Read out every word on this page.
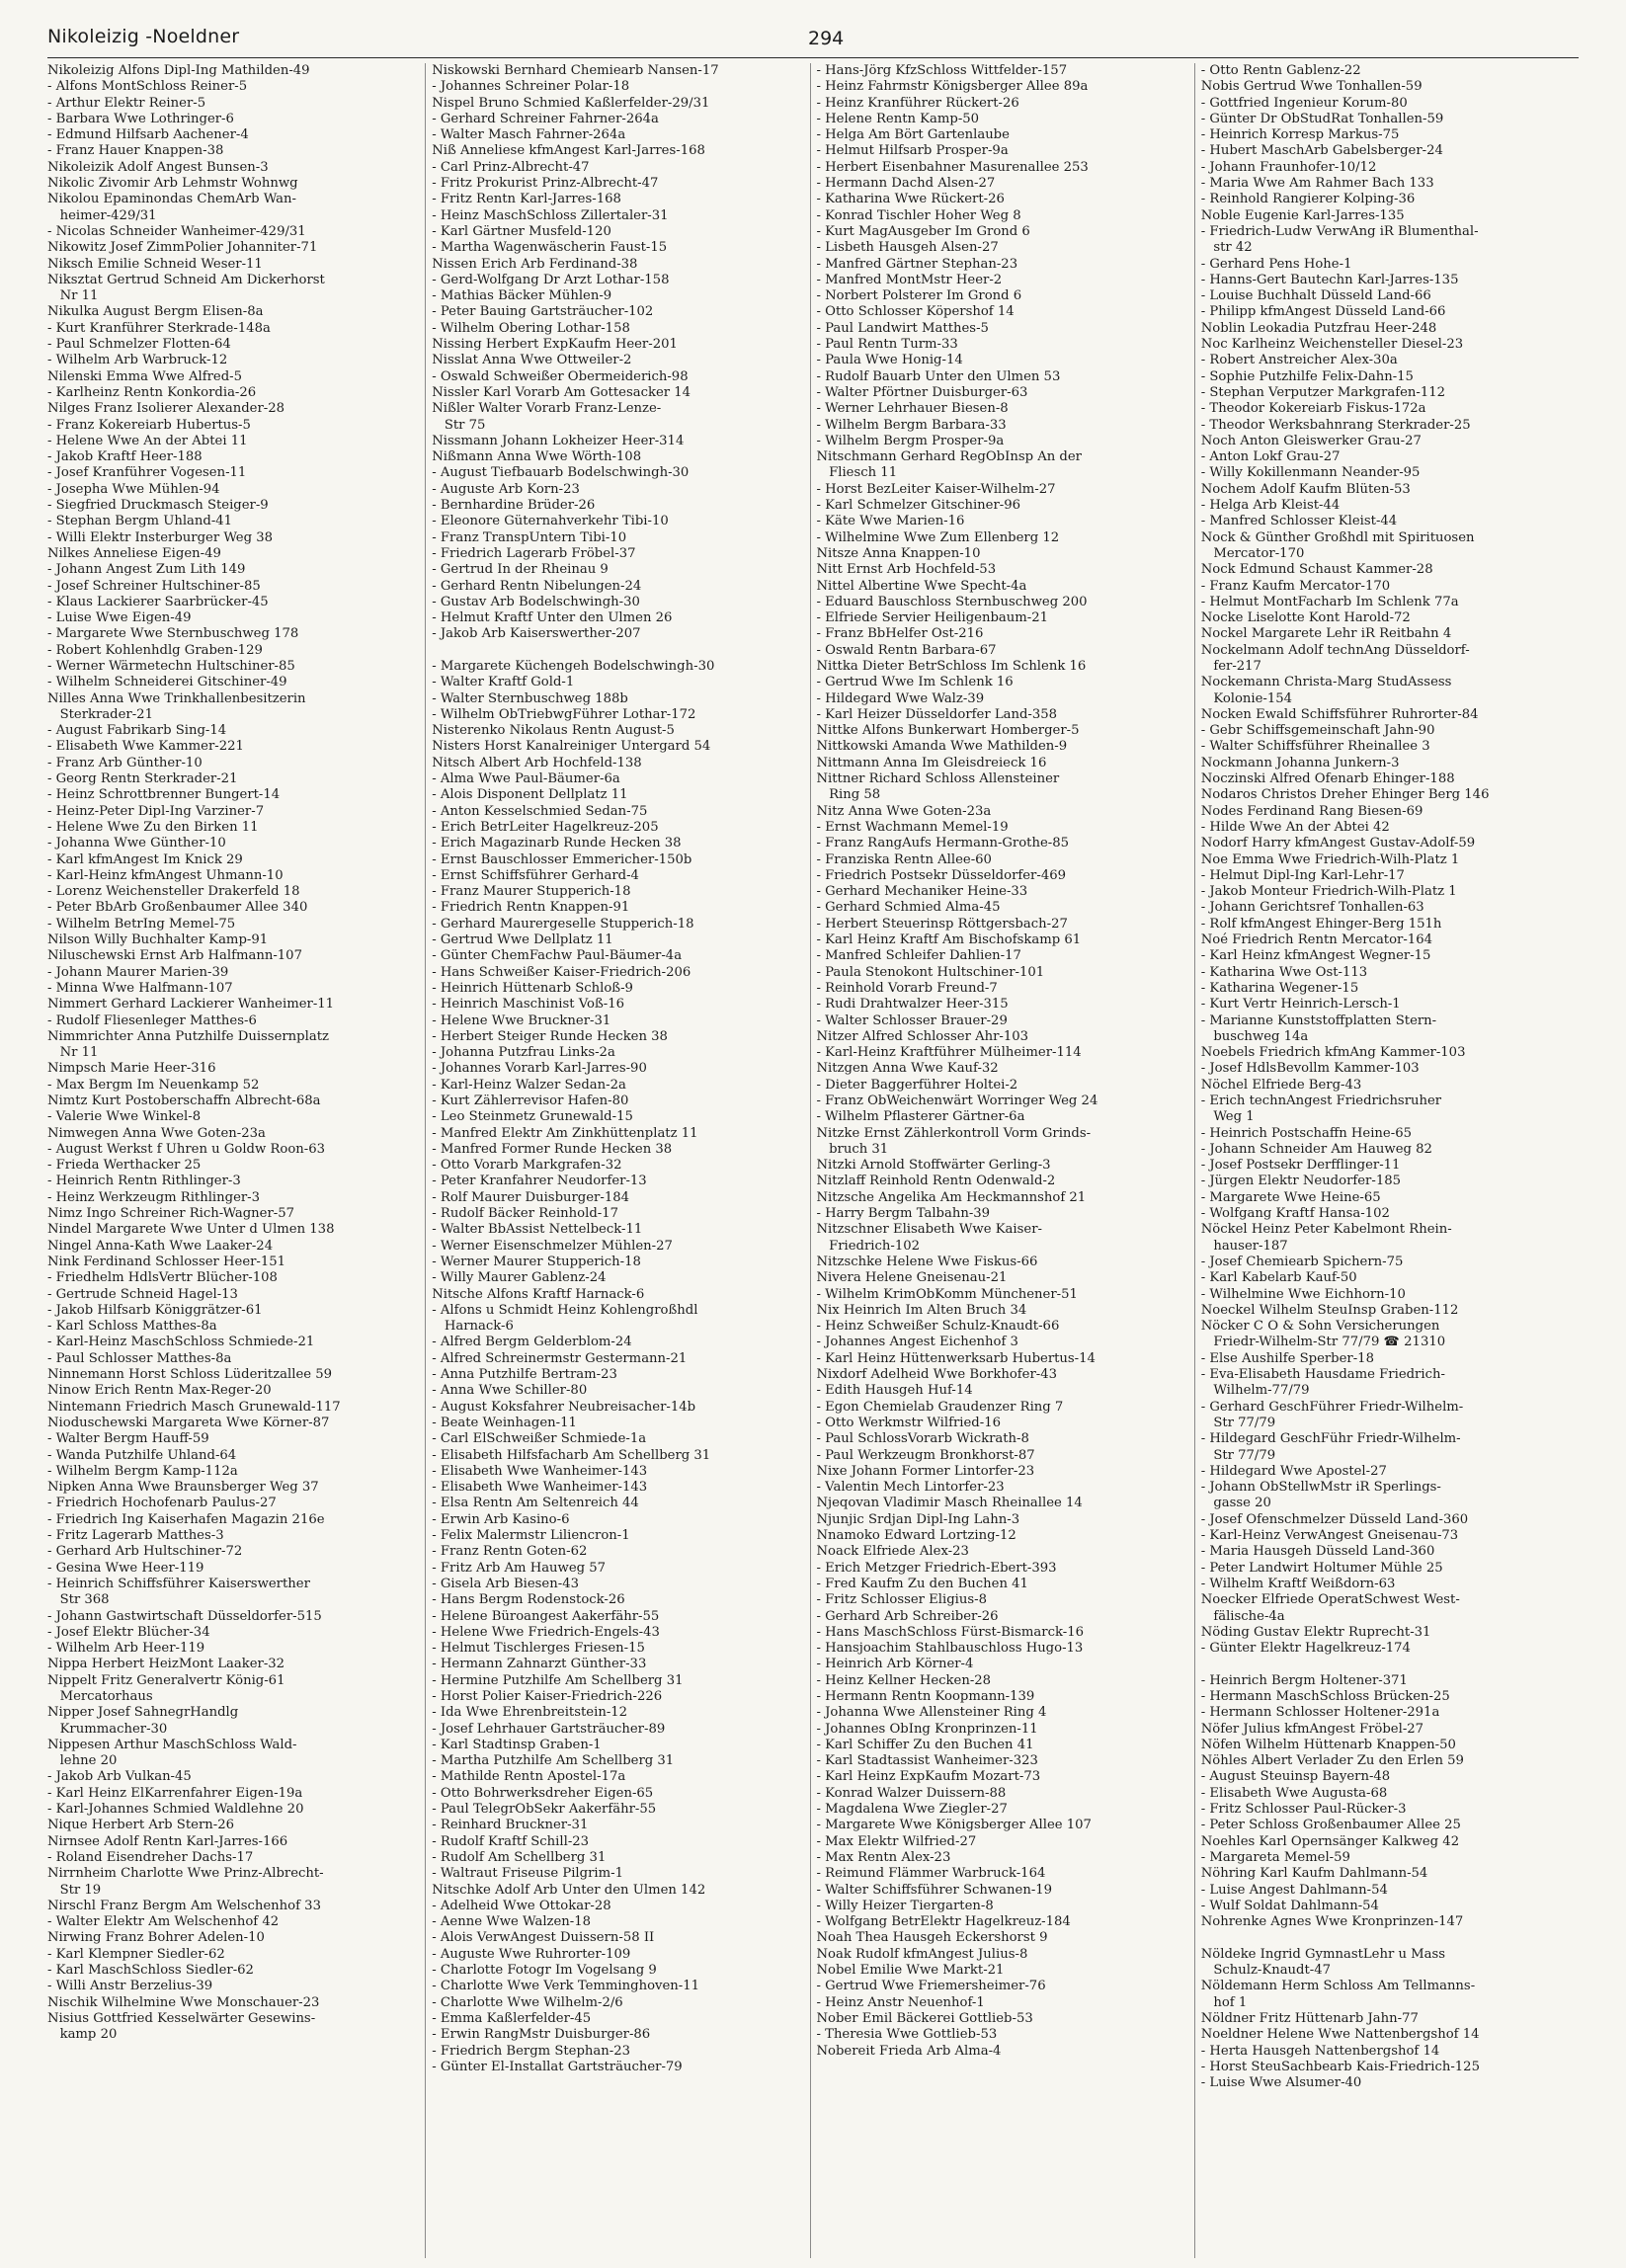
Nikoleizig -Noeldner	294
Nikoleizig Alfons Dipl-Ing Mathilden-49
- Alfons MontSchloss Reiner-5
- Arthur Elektr Reiner-5
- Barbara Wwe Lothringer-6
- Edmund Hilfsarb Aachener-4
- Franz Hauer Knappen-38
Nikoleizik Adolf Angest Bunsen-3
Nikolic Zivomir Arb Lehmstr Wohnwg
Nikolou Epaminondas ChemArb Wan-
heimer-429/31
- Nicolas Schneider Wanheimer-429/31
Nikowitz Josef ZimmPolier Johanniter-71
Niksch Emilie Schneid Weser-11
Niksztat Gertrud Schneid Am Dickerhorst
Nr 11
Nikulka August Bergm Elisen-8a
- Kurt Kranführer Sterkrade-148a
- Paul Schmelzer Flotten-64
- Wilhelm Arb Warbruck-12
Nilenski Emma Wwe Alfred-5
- Karlheinz Rentn Konkordia-26
Nilges Franz Isolierer Alexander-28
- Franz Kokereiarb Hubertus-5
- Helene Wwe An der Abtei 11
- Jakob Kraftf Heer-188
- Josef Kranführer Vogesen-11
- Josepha Wwe Mühlen-94
- Siegfried Druckmasch Steiger-9
- Stephan Bergm Uhland-41
- Willi Elektr Insterburger Weg 38
Nilkes Anneliese Eigen-49
- Johann Angest Zum Lith 149
- Josef Schreiner Hultschiner-85
- Klaus Lackierer Saarbrücker-45
- Luise Wwe Eigen-49
- Margarete Wwe Sternbuschweg 178
- Robert Kohlenhdlg Graben-129
- Werner Wärmetechn Hultschiner-85
- Wilhelm Schneiderei Gitschiner-49
Nilles Anna Wwe Trinkhallenbesitzerin
Sterkrader-21
- August Fabrikarb Sing-14
- Elisabeth Wwe Kammer-221
- Franz Arb Günther-10
- Georg Rentn Sterkrader-21
- Heinz Schrottbrenner Bungert-14
- Heinz-Peter Dipl-Ing Varziner-7
- Helene Wwe Zu den Birken 11
- Johanna Wwe Günther-10
- Karl kfmAngest Im Knick 29
- Karl-Heinz kfmAngest Uhmann-10
- Lorenz Weichensteller Drakerfeld 18
- Peter BbArb Großenbaumer Allee 340
- Wilhelm BetrIng Memel-75
Nilson Willy Buchhalter Kamp-91
Niluschewski Ernst Arb Halfmann-107
- Johann Maurer Marien-39
- Minna Wwe Halfmann-107
Nimmert Gerhard Lackierer Wanheimer-11
- Rudolf Fliesenleger Matthes-6
Nimmrichter Anna Putzhilfe Duissernplatz
Nr 11
Nimpsch Marie Heer-316
- Max Bergm Im Neuenkamp 52
Nimtz Kurt Postoberschaffn Albrecht-68a
- Valerie Wwe Winkel-8
Nimwegen Anna Wwe Goten-23a
- August Werkst f Uhren u Goldw Roon-63
- Frieda Werthacker 25
- Heinrich Rentn Rithlinger-3
- Heinz Werkzeugm Rithlinger-3
Nimz Ingo Schreiner Rich-Wagner-57
Nindel Margarete Wwe Unter d Ulmen 138
Ningel Anna-Kath Wwe Laaker-24
Nink Ferdinand Schlosser Heer-151
- Friedhelm HdlsVertr Blücher-108
- Gertrude Schneid Hagel-13
- Jakob Hilfsarb Königgrätzer-61
- Karl Schloss Matthes-8a
- Karl-Heinz MaschSchloss Schmiede-21
- Paul Schlosser Matthes-8a
Ninnemann Horst Schloss Lüderitzallee 59
Ninow Erich Rentn Max-Reger-20
Nintemann Friedrich Masch Grunewald-117
Nioduschewski Margareta Wwe Körner-87
- Walter Bergm Hauff-59
- Wanda Putzhilfe Uhland-64
- Wilhelm Bergm Kamp-112a
Nipken Anna Wwe Braunsberger Weg 37
- Friedrich Hochofenarb Paulus-27
- Friedrich Ing Kaiserhafen Magazin 216e
- Fritz Lagerarb Matthes-3
- Gerhard Arb Hultschiner-72
- Gesina Wwe Heer-119
- Heinrich Schiffsführer Kaiserswerther
Str 368
- Johann Gastwirtschaft Düsseldorfer-515
- Josef Elektr Blücher-34
- Wilhelm Arb Heer-119
Nippa Herbert HeizMont Laaker-32
Nippelt Fritz Generalvertr König-61
Mercatorhaus
Nipper Josef SahnegrHandlg
Krummacher-30
Nippesen Arthur MaschSchloss Wald-
lehne 20
- Jakob Arb Vulkan-45
- Karl Heinz ElKarrenfahrer Eigen-19a
- Karl-Johannes Schmied Waldlehne 20
Nique Herbert Arb Stern-26
Nirnsee Adolf Rentn Karl-Jarres-166
- Roland Eisendreher Dachs-17
Nirrnheim Charlotte Wwe Prinz-Albrecht-
Str 19
Nirschl Franz Bergm Am Welschenhof 33
- Walter Elektr Am Welschenhof 42
Nirwing Franz Bohrer Adelen-10
- Karl Klempner Siedler-62
- Karl MaschSchloss Siedler-62
- Willi Anstr Berzelius-39
Nischik Wilhelmine Wwe Monschauer-23
Nisius Gottfried Kesselwärter Gesewins-
kamp 20
Niskowski Bernhard Chemiearb Nansen-17
- Johannes Schreiner Polar-18
Nispel Bruno Schmied Kaßlerfelder-29/31
- Gerhard Schreiner Fahrner-264a
- Walter Masch Fahrner-264a
Niß Anneliese kfmAngest Karl-Jarres-168
- Carl Prinz-Albrecht-47
- Fritz Prokurist Prinz-Albrecht-47
- Fritz Rentn Karl-Jarres-168
- Heinz MaschSchloss Zillertaler-31
- Karl Gärtner Musfeld-120
- Martha Wagenwäscherin Faust-15
Nissen Erich Arb Ferdinand-38
- Gerd-Wolfgang Dr Arzt Lothar-158
- Mathias Bäcker Mühlen-9
- Peter Bauing Gartsträucher-102
- Wilhelm Obering Lothar-158
Nissing Herbert ExpKaufm Heer-201
Nisslat Anna Wwe Ottweiler-2
- Oswald Schweißer Obermeiderich-98
Nissler Karl Vorarb Am Gottesacker 14
Nißler Walter Vorarb Franz-Lenze-
Str 75
Nissmann Johann Lokheizer Heer-314
Nißmann Anna Wwe Wörth-108
- August Tiefbauarb Bodelschwingh-30
- Auguste Arb Korn-23
- Bernhardine Brüder-26
- Eleonore Güternahverkehr Tibi-10
- Franz TranspUntern Tibi-10
- Friedrich Lagerarb Fröbel-37
- Gertrud In der Rheinau 9
- Gerhard Rentn Nibelungen-24
- Gustav Arb Bodelschwingh-30
- Helmut Kraftf Unter den Ulmen 26
- Jakob Arb Kaiserswerther-207

- Margarete Küchengeh Bodelschwingh-30
- Walter Kraftf Gold-1
- Walter Sternbuschweg 188b
- Wilhelm ObTriebwgFührer Lothar-172
Nisterenko Nikolaus Rentn August-5
Nisters Horst Kanalreiniger Untergard 54
Nitsch Albert Arb Hochfeld-138
- Alma Wwe Paul-Bäumer-6a
- Alois Disponent Dellplatz 11
- Anton Kesselschmied Sedan-75
- Erich BetrLeiter Hagelkreuz-205
- Erich Magazinarb Runde Hecken 38
- Ernst Bauschlosser Emmericher-150b
- Ernst Schiffsführer Gerhard-4
- Franz Maurer Stupperich-18
- Friedrich Rentn Knappen-91
- Gerhard Maurergeselle Stupperich-18
- Gertrud Wwe Dellplatz 11
- Günter ChemFachw Paul-Bäumer-4a
- Hans Schweißer Kaiser-Friedrich-206
- Heinrich Hüttenarb Schloß-9
- Heinrich Maschinist Voß-16
- Helene Wwe Bruckner-31
- Herbert Steiger Runde Hecken 38
- Johanna Putzfrau Links-2a
- Johannes Vorarb Karl-Jarres-90
- Karl-Heinz Walzer Sedan-2a
- Kurt Zählerrevisor Hafen-80
- Leo Steinmetz Grunewald-15
- Manfred Elektr Am Zinkhüttenplatz 11
- Manfred Former Runde Hecken 38
- Otto Vorarb Markgrafen-32
- Peter Kranfahrer Neudorfer-13
- Rolf Maurer Duisburger-184
- Rudolf Bäcker Reinhold-17
- Walter BbAssist Nettelbeck-11
- Werner Eisenschmelzer Mühlen-27
- Werner Maurer Stupperich-18
- Willy Maurer Gablenz-24
Nitsche Alfons Kraftf Harnack-6
- Alfons u Schmidt Heinz Kohlengroßhdl
Harnack-6
- Alfred Bergm Gelderblom-24
- Alfred Schreinermstr Gestermann-21
- Anna Putzhilfe Bertram-23
- Anna Wwe Schiller-80
- August Koksfahrer Neubreisacher-14b
- Beate Weinhagen-11
- Carl ElSchweißer Schmiede-1a
- Elisabeth Hilfsfacharb Am Schellberg 31
- Elisabeth Wwe Wanheimer-143
- Elisabeth Wwe Wanheimer-143
- Elsa Rentn Am Seltenreich 44
- Erwin Arb Kasino-6
- Felix Malermstr Liliencron-1
- Franz Rentn Goten-62
- Fritz Arb Am Hauweg 57
- Gisela Arb Biesen-43
- Hans Bergm Rodenstock-26
- Helene Büroangest Aakerfähr-55
- Helene Wwe Friedrich-Engels-43
- Helmut Tischlerges Friesen-15
- Hermann Zahnarzt Günther-33
- Hermine Putzhilfe Am Schellberg 31
- Horst Polier Kaiser-Friedrich-226
- Ida Wwe Ehrenbreitstein-12
- Josef Lehrhauer Gartsträucher-89
- Karl Stadtinsp Graben-1
- Martha Putzhilfe Am Schellberg 31
- Mathilde Rentn Apostel-17a
- Otto Bohrwerksdreher Eigen-65
- Paul TelegrObSekr Aakerfähr-55
- Reinhard Bruckner-31
- Rudolf Kraftf Schill-23
- Rudolf Am Schellberg 31
- Waltraut Friseuse Pilgrim-1
Nitschke Adolf Arb Unter den Ulmen 142
- Adelheid Wwe Ottokar-28
- Aenne Wwe Walzen-18
- Alois VerwAngest Duissern-58 II
- Auguste Wwe Ruhrorter-109
- Charlotte Fotogr Im Vogelsang 9
- Charlotte Wwe Verk Temminghoven-11
- Charlotte Wwe Wilhelm-2/6
- Emma Kaßlerfelder-45
- Erwin RangMstr Duisburger-86
- Friedrich Bergm Stephan-23
- Günter El-Installat Gartsträucher-79
- Hans-Jörg KfzSchloss Wittfelder-157
- Heinz Fahrmstr Königsberger Allee 89a
- Heinz Kranführer Rückert-26
- Helene Rentn Kamp-50
- Helga Am Bört Gartenlaube
- Helmut Hilfsarb Prosper-9a
- Herbert Eisenbahner Masurenallee 253
- Hermann Dachd Alsen-27
- Katharina Wwe Rückert-26
- Konrad Tischler Hoher Weg 8
- Kurt MagAusgeber Im Grond 6
- Lisbeth Hausgeh Alsen-27
- Manfred Gärtner Stephan-23
- Manfred MontMstr Heer-2
- Norbert Polsterer Im Grond 6
- Otto Schlosser Köpershof 14
- Paul Landwirt Matthes-5
- Paul Rentn Turm-33
- Paula Wwe Honig-14
- Rudolf Bauarb Unter den Ulmen 53
- Walter Pförtner Duisburger-63
- Werner Lehrhauer Biesen-8
- Wilhelm Bergm Barbara-33
- Wilhelm Bergm Prosper-9a
Nitschmann Gerhard RegObInsp An der
Fliesch 11
- Horst BezLeiter Kaiser-Wilhelm-27
- Karl Schmelzer Gitschiner-96
- Käte Wwe Marien-16
- Wilhelmine Wwe Zum Ellenberg 12
Nitsze Anna Knappen-10
Nitt Ernst Arb Hochfeld-53
Nittel Albertine Wwe Specht-4a
- Eduard Bauschloss Sternbuschweg 200
- Elfriede Servier Heiligenbaum-21
- Franz BbHelfer Ost-216
- Oswald Rentn Barbara-67
Nittka Dieter BetrSchloss Im Schlenk 16
- Gertrud Wwe Im Schlenk 16
- Hildegard Wwe Walz-39
- Karl Heizer Düsseldorfer Land-358
Nittke Alfons Bunkerwart Homberger-5
Nittkowski Amanda Wwe Mathilden-9
Nittmann Anna Im Gleisdreieck 16
Nittner Richard Schloss Allensteiner
Ring 58
Nitz Anna Wwe Goten-23a
- Ernst Wachmann Memel-19
- Franz RangAufs Hermann-Grothe-85
- Franziska Rentn Allee-60
- Friedrich Postsekr Düsseldorfer-469
- Gerhard Mechaniker Heine-33
- Gerhard Schmied Alma-45
- Herbert Steuerinsp Röttgersbach-27
- Karl Heinz Kraftf Am Bischofskamp 61
- Manfred Schleifer Dahlien-17
- Paula Stenokont Hultschiner-101
- Reinhold Vorarb Freund-7
- Rudi Drahtwalzer Heer-315
- Walter Schlosser Brauer-29
Nitzer Alfred Schlosser Ahr-103
- Karl-Heinz Kraftführer Mülheimer-114
Nitzgen Anna Wwe Kauf-32
- Dieter Baggerführer Holtei-2
- Franz ObWeichenwärt Worringer Weg 24
- Wilhelm Pflasterer Gärtner-6a
Nitzke Ernst Zählerkontroll Vorm Grinds-
bruch 31
Nitzki Arnold Stoffwärter Gerling-3
Nitzlaff Reinhold Rentn Odenwald-2
Nitzsche Angelika Am Heckmannshof 21
- Harry Bergm Talbahn-39
Nitzschner Elisabeth Wwe Kaiser-
Friedrich-102
Nitzschke Helene Wwe Fiskus-66
Nivera Helene Gneisenau-21
- Wilhelm KrimObKomm Münchener-51
Nix Heinrich Im Alten Bruch 34
- Heinz Schweißer Schulz-Knaudt-66
- Johannes Angest Eichenhof 3
- Karl Heinz Hüttenwerksarb Hubertus-14
Nixdorf Adelheid Wwe Borkhofer-43
- Edith Hausgeh Huf-14
- Egon Chemielab Graudenzer Ring 7
- Otto Werkmstr Wilfried-16
- Paul SchlossVorarb Wickrath-8
- Paul Werkzeugm Bronkhorst-87
Nixe Johann Former Lintorfer-23
- Valentin Mech Lintorfer-23
Njeqovan Vladimir Masch Rheinallee 14
Njunjic Srdjan Dipl-Ing Lahn-3
Nnamoko Edward Lortzing-12
Noack Elfriede Alex-23
- Erich Metzger Friedrich-Ebert-393
- Fred Kaufm Zu den Buchen 41
- Fritz Schlosser Eligius-8
- Gerhard Arb Schreiber-26
- Hans MaschSchloss Fürst-Bismarck-16
- Hansjoachim Stahlbauschloss Hugo-13
- Heinrich Arb Körner-4
- Heinz Kellner Hecken-28
- Hermann Rentn Koopmann-139
- Johanna Wwe Allensteiner Ring 4
- Johannes ObIng Kronprinzen-11
- Karl Schiffer Zu den Buchen 41
- Karl Stadtassist Wanheimer-323
- Karl Heinz ExpKaufm Mozart-73
- Konrad Walzer Duissern-88
- Magdalena Wwe Ziegler-27
- Margarete Wwe Königsberger Allee 107
- Max Elektr Wilfried-27
- Max Rentn Alex-23
- Reimund Flämmer Warbruck-164
- Walter Schiffsführer Schwanen-19
- Willy Heizer Tiergarten-8
- Wolfgang BetrElektr Hagelkreuz-184
Noah Thea Hausgeh Eckershorst 9
Noak Rudolf kfmAngest Julius-8
Nobel Emilie Wwe Markt-21
- Gertrud Wwe Friemersheimer-76
- Heinz Anstr Neuenhof-1
Nober Emil Bäckerei Gottlieb-53
- Theresia Wwe Gottlieb-53
Nobereit Frieda Arb Alma-4
- Otto Rentn Gablenz-22
Nobis Gertrud Wwe Tonhallen-59
- Gottfried Ingenieur Korum-80
- Günter Dr ObStudRat Tonhallen-59
- Heinrich Korresp Markus-75
- Hubert MaschArb Gabelsberger-24
- Johann Fraunhofer-10/12
- Maria Wwe Am Rahmer Bach 133
- Reinhold Rangierer Kolping-36
Noble Eugenie Karl-Jarres-135
- Friedrich-Ludw VerwAng iR Blumenthal-
str 42
- Gerhard Pens Hohe-1
- Hanns-Gert Bautechn Karl-Jarres-135
- Louise Buchhalt Düsseld Land-66
- Philipp kfmAngest Düsseld Land-66
Noblin Leokadia Putzfrau Heer-248
Noc Karlheinz Weichensteller Diesel-23
- Robert Anstreicher Alex-30a
- Sophie Putzhilfe Felix-Dahn-15
- Stephan Verputzer Markgrafen-112
- Theodor Kokereiarb Fiskus-172a
- Theodor Werksbahnrang Sterkrader-25
Noch Anton Gleiswerker Grau-27
- Anton Lokf Grau-27
- Willy Kokillenmann Neander-95
Nochem Adolf Kaufm Blüten-53
- Helga Arb Kleist-44
- Manfred Schlosser Kleist-44
Nock & Günther Großhdl mit Spirituosen
Mercator-170
Nock Edmund Schaust Kammer-28
- Franz Kaufm Mercator-170
- Helmut MontFacharb Im Schlenk 77a
Nocke Liselotte Kont Harold-72
Nockel Margarete Lehr iR Reitbahn 4
Nockelmann Adolf technAng Düsseldorf-
fer-217
Nockemann Christa-Marg StudAssess
Kolonie-154
Nocken Ewald Schiffsführer Ruhrorter-84
- Gebr Schiffsgemeinschaft Jahn-90
- Walter Schiffsführer Rheinallee 3
Nockmann Johanna Junkern-3
Noczinski Alfred Ofenarb Ehinger-188
Nodaros Christos Dreher Ehinger Berg 146
Nodes Ferdinand Rang Biesen-69
- Hilde Wwe An der Abtei 42
Nodorf Harry kfmAngest Gustav-Adolf-59
Noe Emma Wwe Friedrich-Wilh-Platz 1
- Helmut Dipl-Ing Karl-Lehr-17
- Jakob Monteur Friedrich-Wilh-Platz 1
- Johann Gerichtsref Tonhallen-63
- Rolf kfmAngest Ehinger-Berg 151h
Noé Friedrich Rentn Mercator-164
- Karl Heinz kfmAngest Wegner-15
- Katharina Wwe Ost-113
- Katharina Wegener-15
- Kurt Vertr Heinrich-Lersch-1
- Marianne Kunststoffplatten Stern-
buschweg 14a
Noebels Friedrich kfmAng Kammer-103
- Josef HdlsBevollm Kammer-103
Nöchel Elfriede Berg-43
- Erich technAngest Friedrichsruher
Weg 1
- Heinrich Postschaffn Heine-65
- Johann Schneider Am Hauweg 82
- Josef Postsekr Derfflinger-11
- Jürgen Elektr Neudorfer-185
- Margarete Wwe Heine-65
- Wolfgang Kraftf Hansa-102
Nöckel Heinz Peter Kabelmont Rhein-
hauser-187
- Josef Chemiearb Spichern-75
- Karl Kabelarb Kauf-50
- Wilhelmine Wwe Eichhorn-10
Noeckel Wilhelm SteuInsp Graben-112
Nöcker C O & Sohn Versicherungen
Friedr-Wilhelm-Str 77/79 ☎ 21310
- Else Aushilfe Sperber-18
- Eva-Elisabeth Hausdame Friedrich-
Wilhelm-77/79
- Gerhard GeschFührer Friedr-Wilhelm-
Str 77/79
- Hildegard GeschFühr Friedr-Wilhelm-
Str 77/79
- Hildegard Wwe Apostel-27
- Johann ObStellwMstr iR Sperlings-
gasse 20
- Josef Ofenschmelzer Düsseld Land-360
- Karl-Heinz VerwAngest Gneisenau-73
- Maria Hausgeh Düsseld Land-360
- Peter Landwirt Holtumer Mühle 25
- Wilhelm Kraftf Weißdorn-63
Noecker Elfriede OperatSchwest West-
fälische-4a
Nöding Gustav Elektr Ruprecht-31
- Günter Elektr Hagelkreuz-174

- Heinrich Bergm Holtener-371
- Hermann MaschSchloss Brücken-25
- Hermann Schlosser Holtener-291a
Nöfer Julius kfmAngest Fröbel-27
Nöfen Wilhelm Hüttenarb Knappen-50
Nöhles Albert Verlader Zu den Erlen 59
- August Steuinsp Bayern-48
- Elisabeth Wwe Augusta-68
- Fritz Schlosser Paul-Rücker-3
- Peter Schloss Großenbaumer Allee 25
Noehles Karl Opernsänger Kalkweg 42
- Margareta Memel-59
Nöhring Karl Kaufm Dahlmann-54
- Luise Angest Dahlmann-54
- Wulf Soldat Dahlmann-54
Nohrenke Agnes Wwe Kronprinzen-147

Nöldeke Ingrid GymnastLehr u Mass
Schulz-Knaudt-47
Nöldemann Herm Schloss Am Tellmanns-
hof 1
Nöldner Fritz Hüttenarb Jahn-77
Noeldner Helene Wwe Nattenbergshof 14
- Herta Hausgeh Nattenbergshof 14
- Horst SteuSachbearb Kais-Friedrich-125
- Luise Wwe Alsumer-40
